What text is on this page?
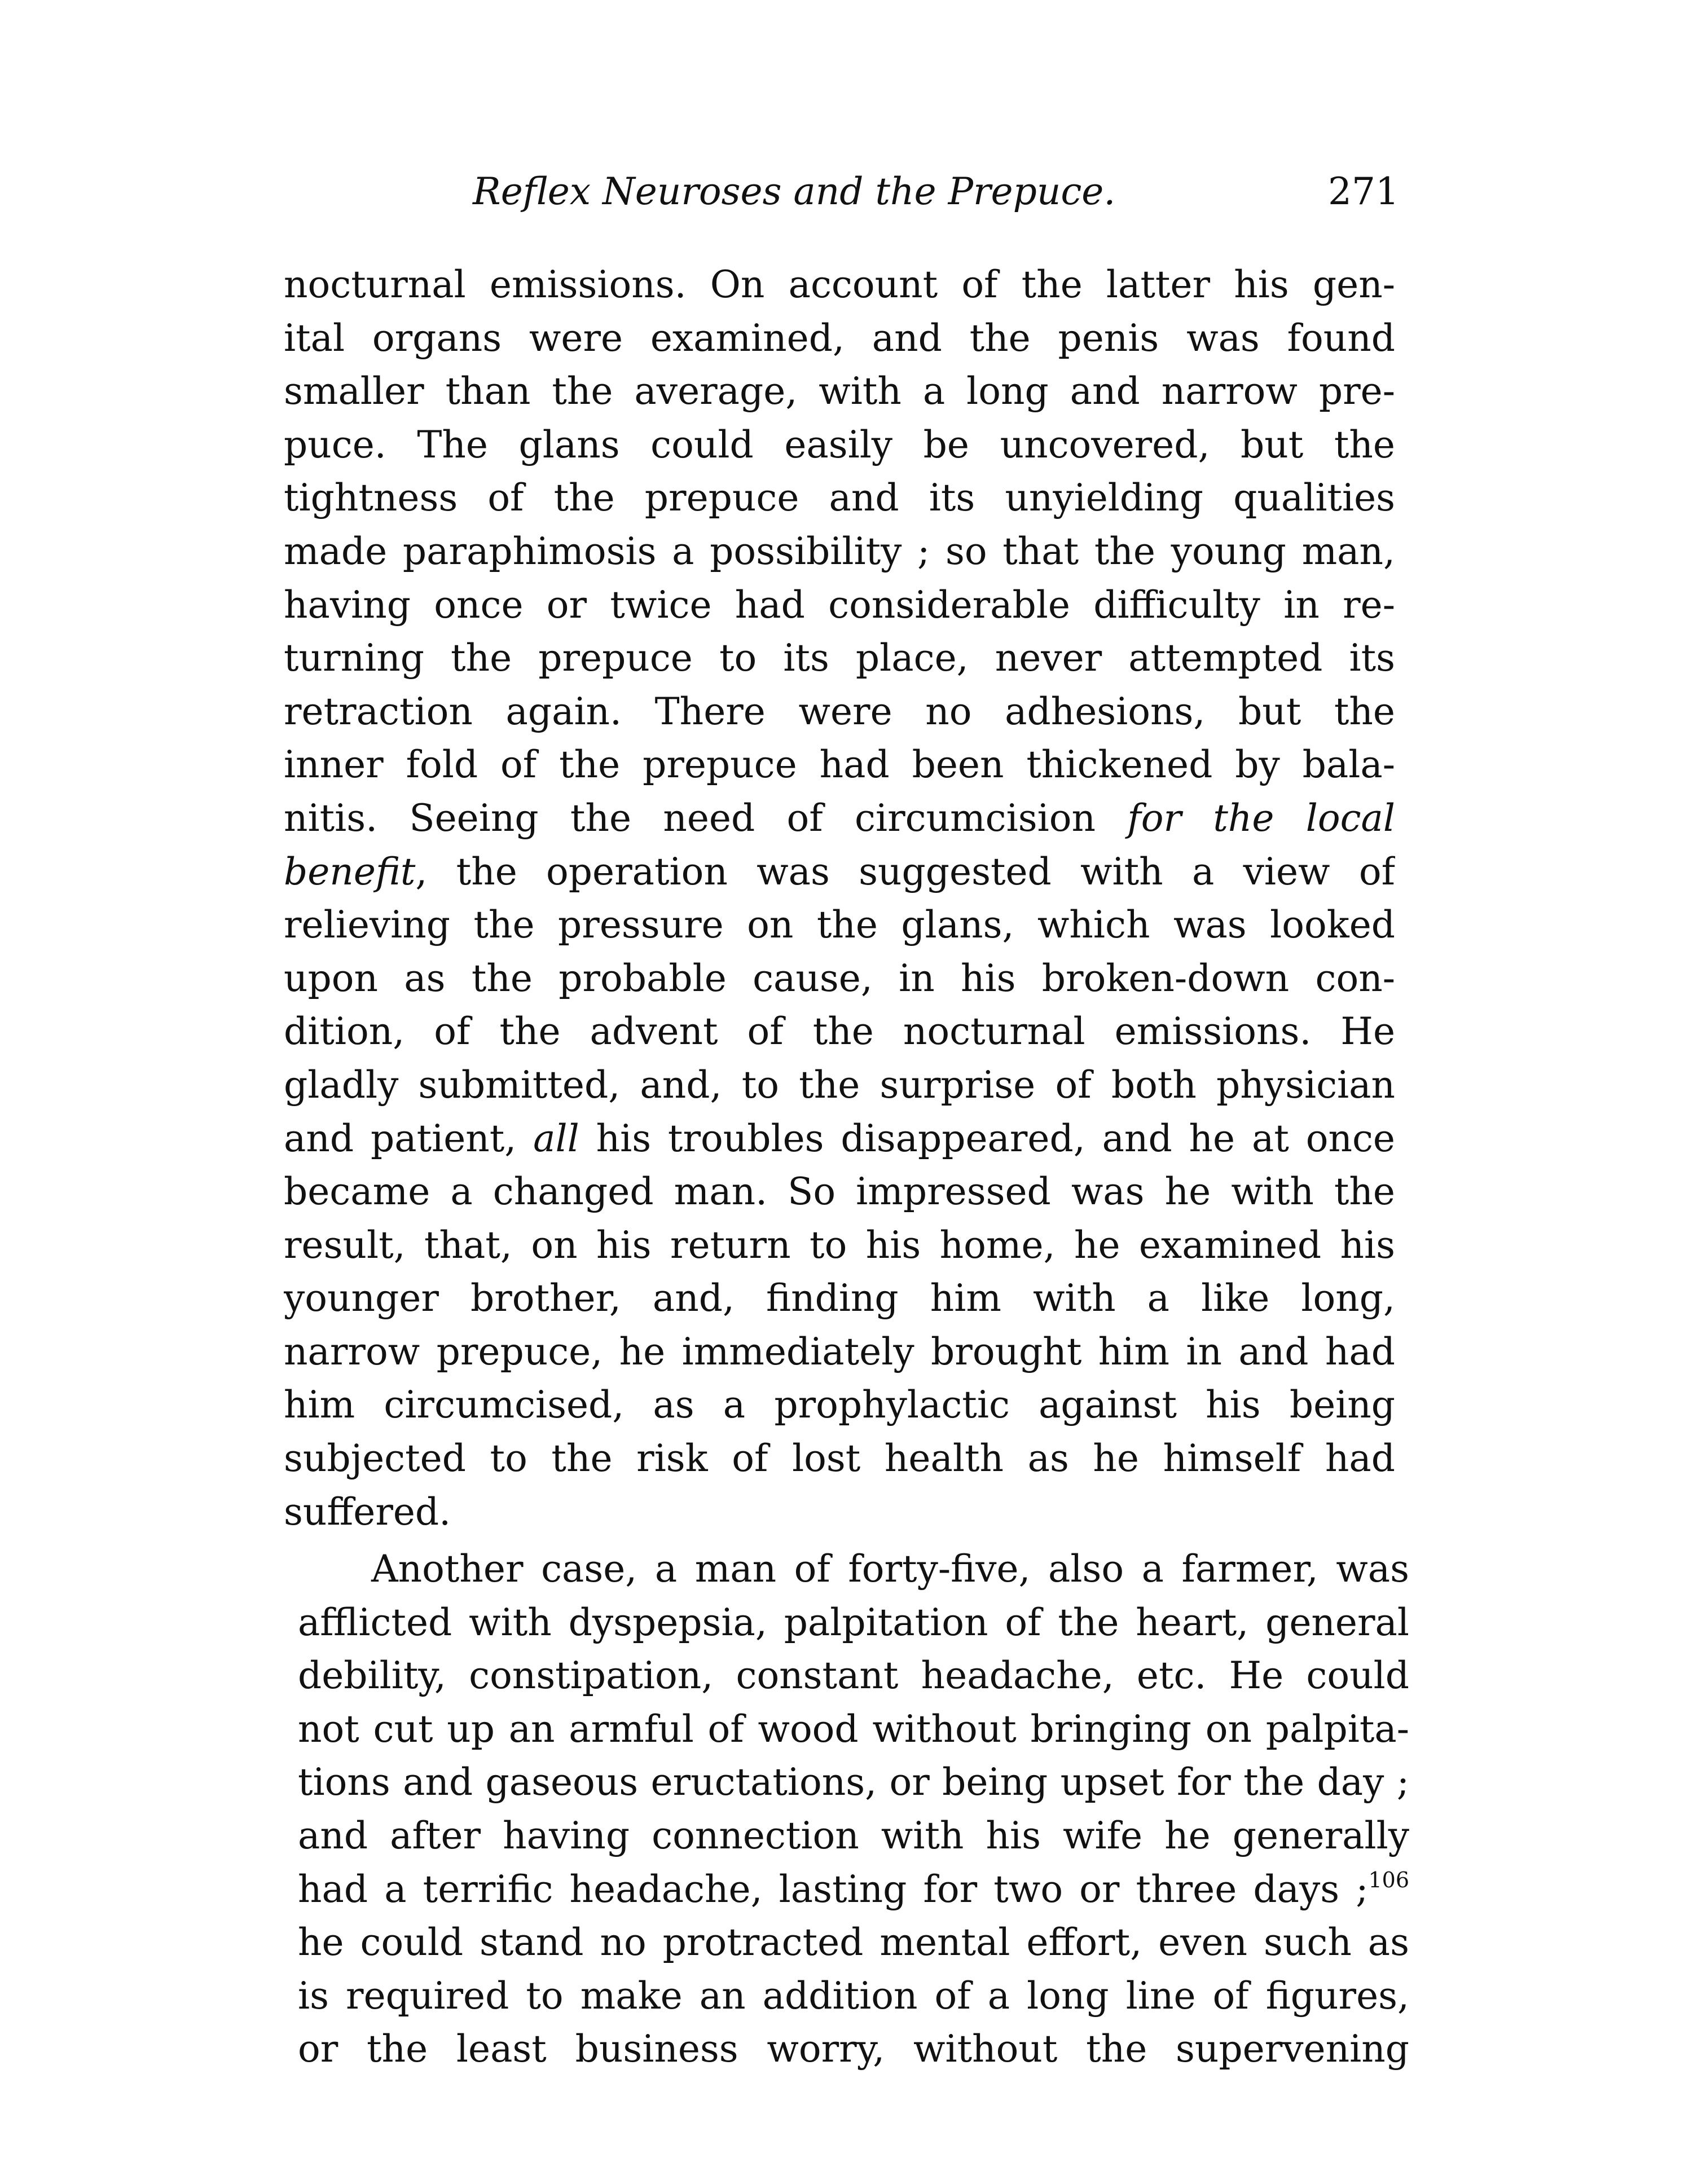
Reflex Neuroses and the Prepuce.	271
nocturnal emissions. On account of the latter his gen-
ital organs were examined, and the penis was found
smaller than the average, with a long and narrow pre-
puce. The glans could easily be uncovered, but the
tightness of the prepuce and its unyielding qualities
made paraphimosis a possibility ; so that the young man,
having once or twice had considerable difficulty in re-
turning the prepuce to its place, never attempted its
retraction again. There were no adhesions, but the
inner fold of the prepuce had been thickened by bala-
nitis. Seeing the need of circumcision for the local
benefit, the operation was suggested with a view of
relieving the pressure on the glans, which was looked
upon as the probable cause, in his broken-down con-
dition, of the advent of the nocturnal emissions. He
gladly submitted, and, to the surprise of both physician
and patient, all his troubles disappeared, and he at once
became a changed man. So impressed was he with the
result, that, on his return to his home, he examined his
younger brother, and, finding him with a like long,
narrow prepuce, he immediately brought him in and had
him circumcised, as a prophylactic against his being
subjected to the risk of lost health as he himself had
suffered.
Another case, a man of forty-five, also a farmer, was
afflicted with dyspepsia, palpitation of the heart, general
debility, constipation, constant headache, etc. He could
not cut up an armful of wood without bringing on palpita-
tions and gaseous eructations, or being upset for the day ;
and after having connection with his wife he generally
had a terrific headache, lasting for two or three days ;$^{106}$
he could stand no protracted mental effort, even such as
is required to make an addition of a long line of figures,
or the least business worry, without the supervening
